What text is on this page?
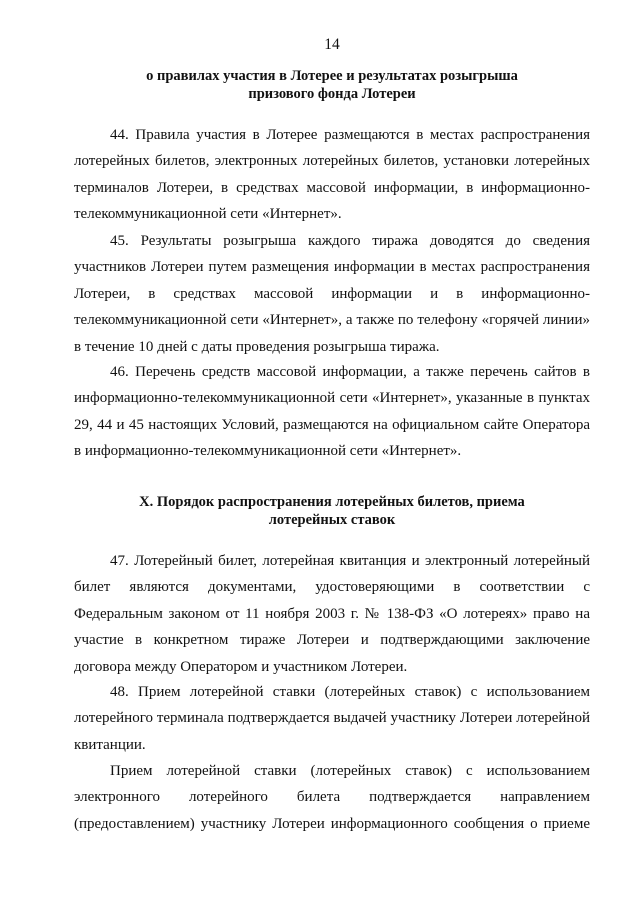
14
о правилах участия в Лотерее и результатах розыгрыша
призового фонда Лотереи

44. Правила участия в Лотерее размещаются в местах распространения лотерейных билетов, электронных лотерейных билетов, установки лотерейных терминалов Лотереи, в средствах массовой информации, в информационно-телекоммуникационной сети «Интернет».

45. Результаты розыгрыша каждого тиража доводятся до сведения участников Лотереи путем размещения информации в местах распространения Лотереи, в средствах массовой информации и в информационно-телекоммуникационной сети «Интернет», а также по телефону «горячей линии» в течение 10 дней с даты проведения розыгрыша тиража.

46. Перечень средств массовой информации, а также перечень сайтов в информационно-телекоммуникационной сети «Интернет», указанные в пунктах 29, 44 и 45 настоящих Условий, размещаются на официальном сайте Оператора в информационно-телекоммуникационной сети «Интернет».

X. Порядок распространения лотерейных билетов, приема
лотерейных ставок

47. Лотерейный билет, лотерейная квитанция и электронный лотерейный билет являются документами, удостоверяющими в соответствии с Федеральным законом от 11 ноября 2003 г. № 138-ФЗ «О лотереях» право на участие в конкретном тираже Лотереи и подтверждающими заключение договора между Оператором и участником Лотереи.

48. Прием лотерейной ставки (лотерейных ставок) с использованием лотерейного терминала подтверждается выдачей участнику Лотереи лотерейной квитанции.

Прием лотерейной ставки (лотерейных ставок) с использованием электронного лотерейного билета подтверждается направлением (предоставлением) участнику Лотереи информационного сообщения о приеме
